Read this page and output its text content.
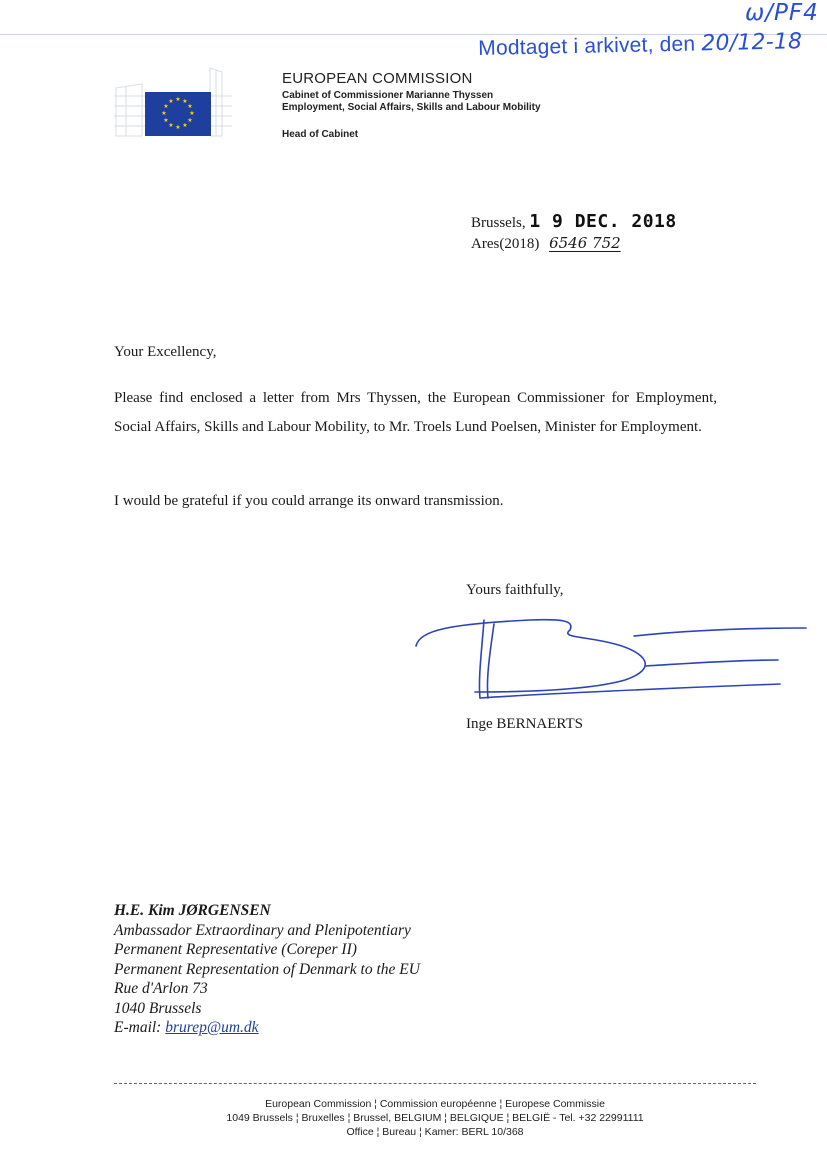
ω/PF4
Modtaget i arkivet, den 20/12-18
★ ★
★
★
★
★
★
★
★
★
★
★
EUROPEAN COMMISSION
Cabinet of Commissioner Marianne Thyssen
Employment, Social Affairs, Skills and Labour Mobility
Head of Cabinet
Brussels, 1 9 DEC. 2018
Ares(2018) 6546 752
Your Excellency,
Please find enclosed a letter from Mrs Thyssen, the European Commissioner for Employment, Social Affairs, Skills and Labour Mobility, to Mr. Troels Lund Poelsen, Minister for Employment.
I would be grateful if you could arrange its onward transmission.
Yours faithfully,
Inge BERNAERTS
H.E. Kim JØRGENSEN
Ambassador Extraordinary and Plenipotentiary
Permanent Representative (Coreper II)
Permanent Representation of Denmark to the EU
Rue d'Arlon 73
1040 Brussels
E-mail: brurep@um.dk
European Commission ¦ Commission européenne ¦ Europese Commissie
1049 Brussels ¦ Bruxelles ¦ Brussel, BELGIUM ¦ BELGIQUE ¦ BELGIË - Tel. +32 22991111
Office ¦ Bureau ¦ Kamer: BERL 10/368
